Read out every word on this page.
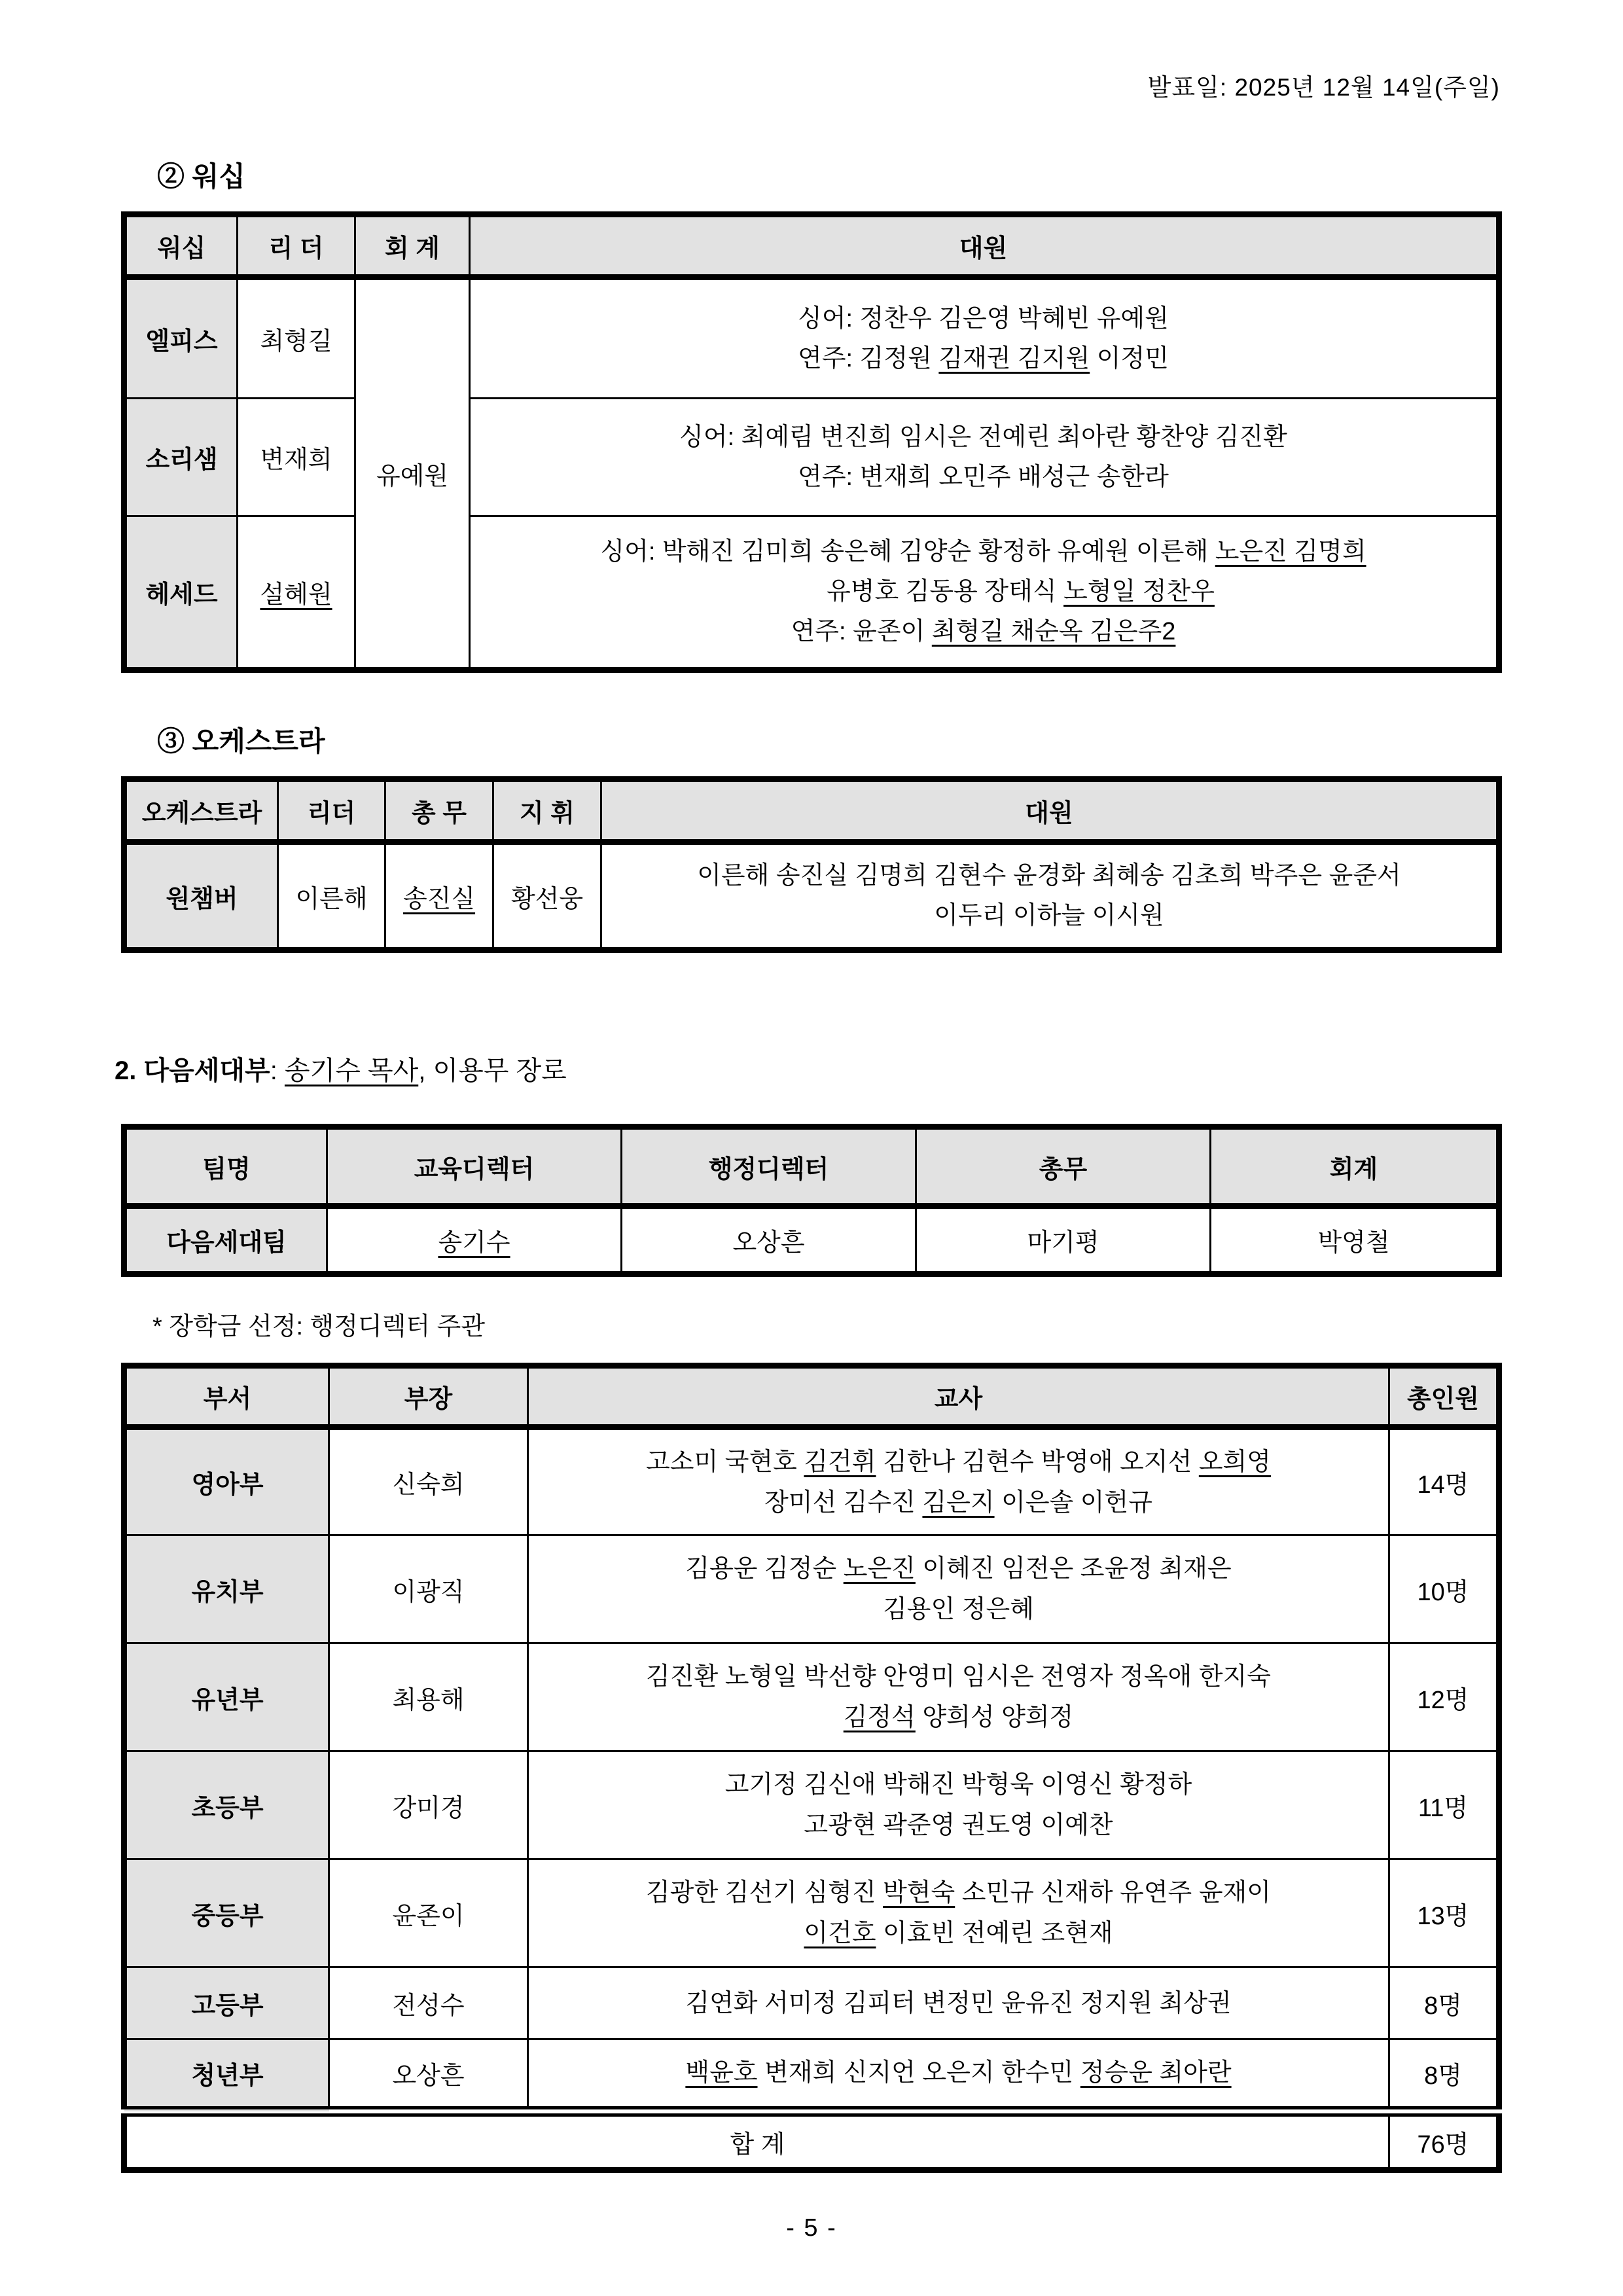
발표일: 2025년 12월 14일(주일)
② 워십
워십	리 더	회 계	대원
엘피스	최형길	유예원	싱어: 정찬우 김은영 박혜빈 유예원
연주: 김정원 김재권 김지원 이정민

소리샘	변재희		싱어: 최예림 변진희 임시은 전예린 최아란 황찬양 김진환
연주: 변재희 오민주 배성근 송한라

헤세드	설혜원		싱어: 박해진 김미희 송은혜 김양순 황정하 유예원 이른해 노은진 김명희
유병호 김동용 장태식 노형일 정찬우
연주: 윤존이 최형길 채순옥 김은주2
③ 오케스트라
오케스트라	리더	총 무	지 휘	대원
원챔버	이른해	송진실	황선웅	이른해 송진실 김명희 김현수 윤경화 최혜송 김초희 박주은 윤준서
이두리 이하늘 이시원
2. 다음세대부: 송기수 목사, 이용무 장로
팀명	교육디렉터	행정디렉터	총무	회계
다음세대팀	송기수	오상흔	마기평	박영철
* 장학금 선정: 행정디렉터 주관
부서	부장	교사	총인원
영아부	신숙희	고소미 국현호 김건휘 김한나 김현수 박영애 오지선 오희영
장미선 김수진 김은지 이은솔 이헌규	14명
유치부	이광직	김용운 김정순 노은진 이혜진 임전은 조윤정 최재은
김용인 정은혜	10명
유년부	최용해	김진환 노형일 박선향 안영미 임시은 전영자 정옥애 한지숙
김정석 양희성 양희정	12명
초등부	강미경	고기정 김신애 박해진 박형욱 이영신 황정하
고광현 곽준영 권도영 이예찬	11명
중등부	윤존이	김광한 김선기 심형진 박현숙 소민규 신재하 유연주 윤재이
이건호 이효빈 전예린 조현재	13명
고등부	전성수	김연화 서미정 김피터 변정민 윤유진 정지원 최상권	8명
청년부	오상흔	백윤호 변재희 신지언 오은지 한수민 정승운 최아란	8명
합 계			76명
- 5 -
